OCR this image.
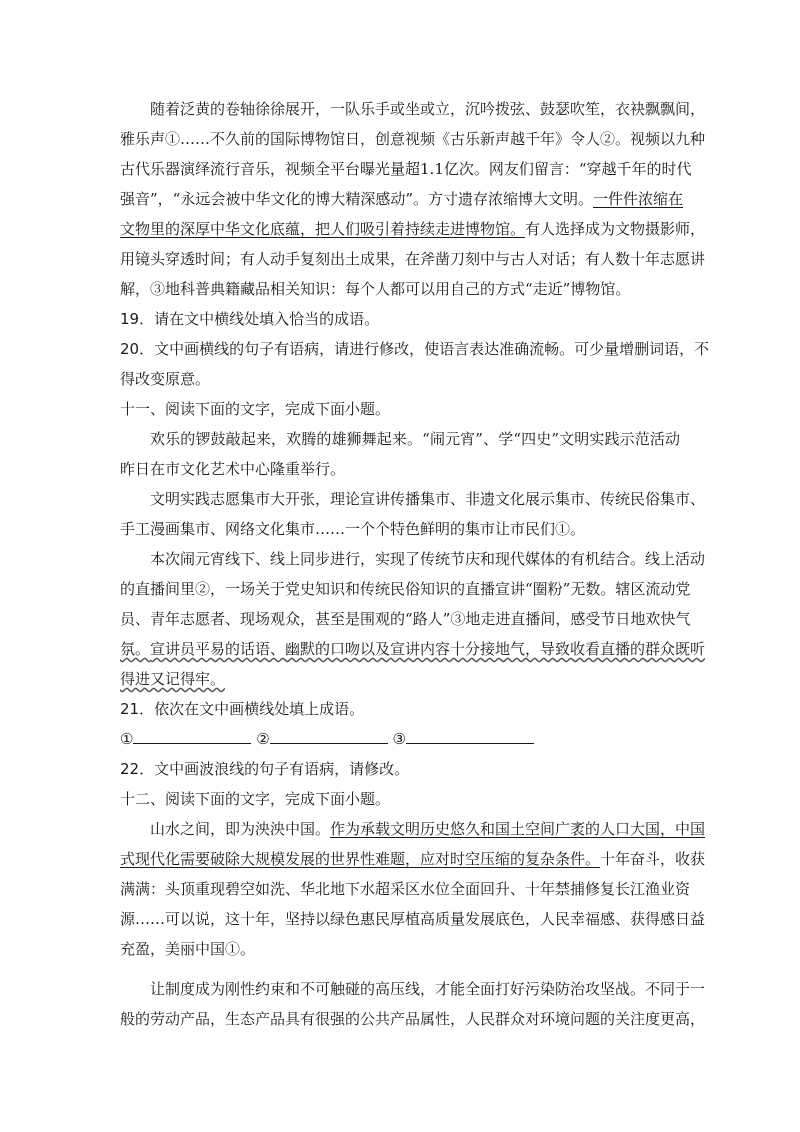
随着泛黄的卷轴徐徐展开，一队乐手或坐或立，沉吟拨弦、鼓瑟吹笙，衣袂飘飘间，
雅乐声①……不久前的国际博物馆日，创意视频《古乐新声越千年》令人②。视频以九种
古代乐器演绎流行音乐，视频全平台曝光量超1.1亿次。网友们留言：“穿越千年的时代
强音”，“永远会被中华文化的博大精深感动”。方寸遗存浓缩博大文明。一件件浓缩在
文物里的深厚中华文化底蕴，把人们吸引着持续走进博物馆。有人选择成为文物摄影师，
用镜头穿透时间；有人动手复刻出土成果，在斧凿刀刻中与古人对话；有人数十年志愿讲
解，③地科普典籍藏品相关知识：每个人都可以用自己的方式“走近”博物馆。
19．请在文中横线处填入恰当的成语。
20．文中画横线的句子有语病，请进行修改，使语言表达准确流畅。可少量增删词语，不
得改变原意。
十一、阅读下面的文字，完成下面小题。
欢乐的锣鼓敲起来，欢腾的雄狮舞起来。“闹元宵”、学“四史”文明实践示范活动
昨日在市文化艺术中心隆重举行。
文明实践志愿集市大开张，理论宣讲传播集市、非遗文化展示集市、传统民俗集市、
手工漫画集市、网络文化集市……一个个特色鲜明的集市让市民们①。
本次闹元宵线下、线上同步进行，实现了传统节庆和现代媒体的有机结合。线上活动
的直播间里②，一场关于党史知识和传统民俗知识的直播宣讲“圈粉”无数。辖区流动党
员、青年志愿者、现场观众，甚至是围观的“路人”③地走进直播间，感受节日地欢快气
氛。宣讲员平易的话语、幽默的口吻以及宣讲内容十分接地气，导致收看直播的群众既听
得进又记得牢。
21．依次在文中画横线处填上成语。
①	②	③
22．文中画波浪线的句子有语病，请修改。
十二、阅读下面的文字，完成下面小题。
山水之间，即为泱泱中国。作为承载文明历史悠久和国土空间广袤的人口大国，中国
式现代化需要破除大规模发展的世界性难题，应对时空压缩的复杂条件。十年奋斗，收获
满满：头顶重现碧空如洗、华北地下水超采区水位全面回升、十年禁捕修复长江渔业资
源……可以说，这十年，坚持以绿色惠民厚植高质量发展底色，人民幸福感、获得感日益
充盈，美丽中国①。
让制度成为刚性约束和不可触碰的高压线，才能全面打好污染防治攻坚战。不同于一
般的劳动产品，生态产品具有很强的公共产品属性，人民群众对环境问题的关注度更高，
